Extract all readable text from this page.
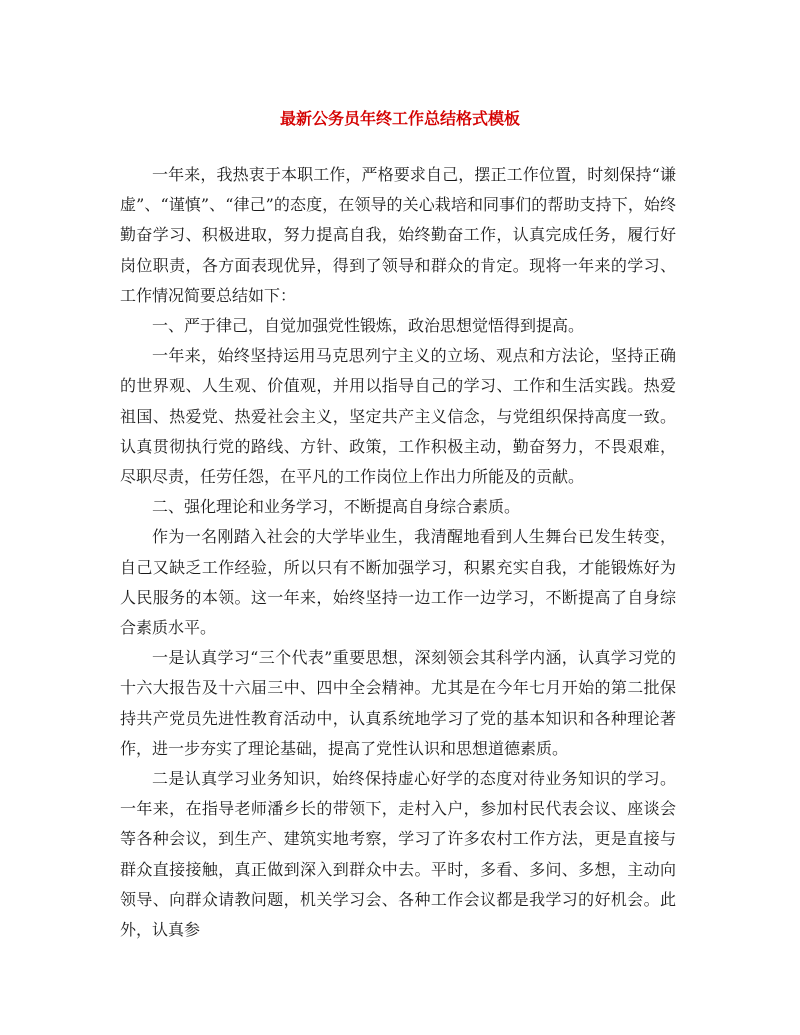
最新公务员年终工作总结格式模板

一年来，我热衷于本职工作，严格要求自己，摆正工作位置，时刻保持“谦虚”、“谨慎”、“律己”的态度，在领导的关心栽培和同事们的帮助支持下，始终勤奋学习、积极进取，努力提高自我，始终勤奋工作，认真完成任务，履行好岗位职责，各方面表现优异，得到了领导和群众的肯定。现将一年来的学习、工作情况简要总结如下：

一、严于律己，自觉加强党性锻炼，政治思想觉悟得到提高。

一年来，始终坚持运用马克思列宁主义的立场、观点和方法论，坚持正确的世界观、人生观、价值观，并用以指导自己的学习、工作和生活实践。热爱祖国、热爱党、热爱社会主义，坚定共产主义信念，与党组织保持高度一致。认真贯彻执行党的路线、方针、政策，工作积极主动，勤奋努力，不畏艰难，尽职尽责，任劳任怨，在平凡的工作岗位上作出力所能及的贡献。

二、强化理论和业务学习，不断提高自身综合素质。

作为一名刚踏入社会的大学毕业生，我清醒地看到人生舞台已发生转变，自己又缺乏工作经验，所以只有不断加强学习，积累充实自我，才能锻炼好为人民服务的本领。这一年来，始终坚持一边工作一边学习，不断提高了自身综合素质水平。

一是认真学习“三个代表”重要思想，深刻领会其科学内涵，认真学习党的十六大报告及十六届三中、四中全会精神。尤其是在今年七月开始的第二批保持共产党员先进性教育活动中，认真系统地学习了党的基本知识和各种理论著作，进一步夯实了理论基础，提高了党性认识和思想道德素质。

二是认真学习业务知识，始终保持虚心好学的态度对待业务知识的学习。一年来，在指导老师潘乡长的带领下，走村入户，参加村民代表会议、座谈会等各种会议，到生产、建筑实地考察，学习了许多农村工作方法，更是直接与群众直接接触，真正做到深入到群众中去。平时，多看、多问、多想，主动向领导、向群众请教问题，机关学习会、各种工作会议都是我学习的好机会。此外，认真参
